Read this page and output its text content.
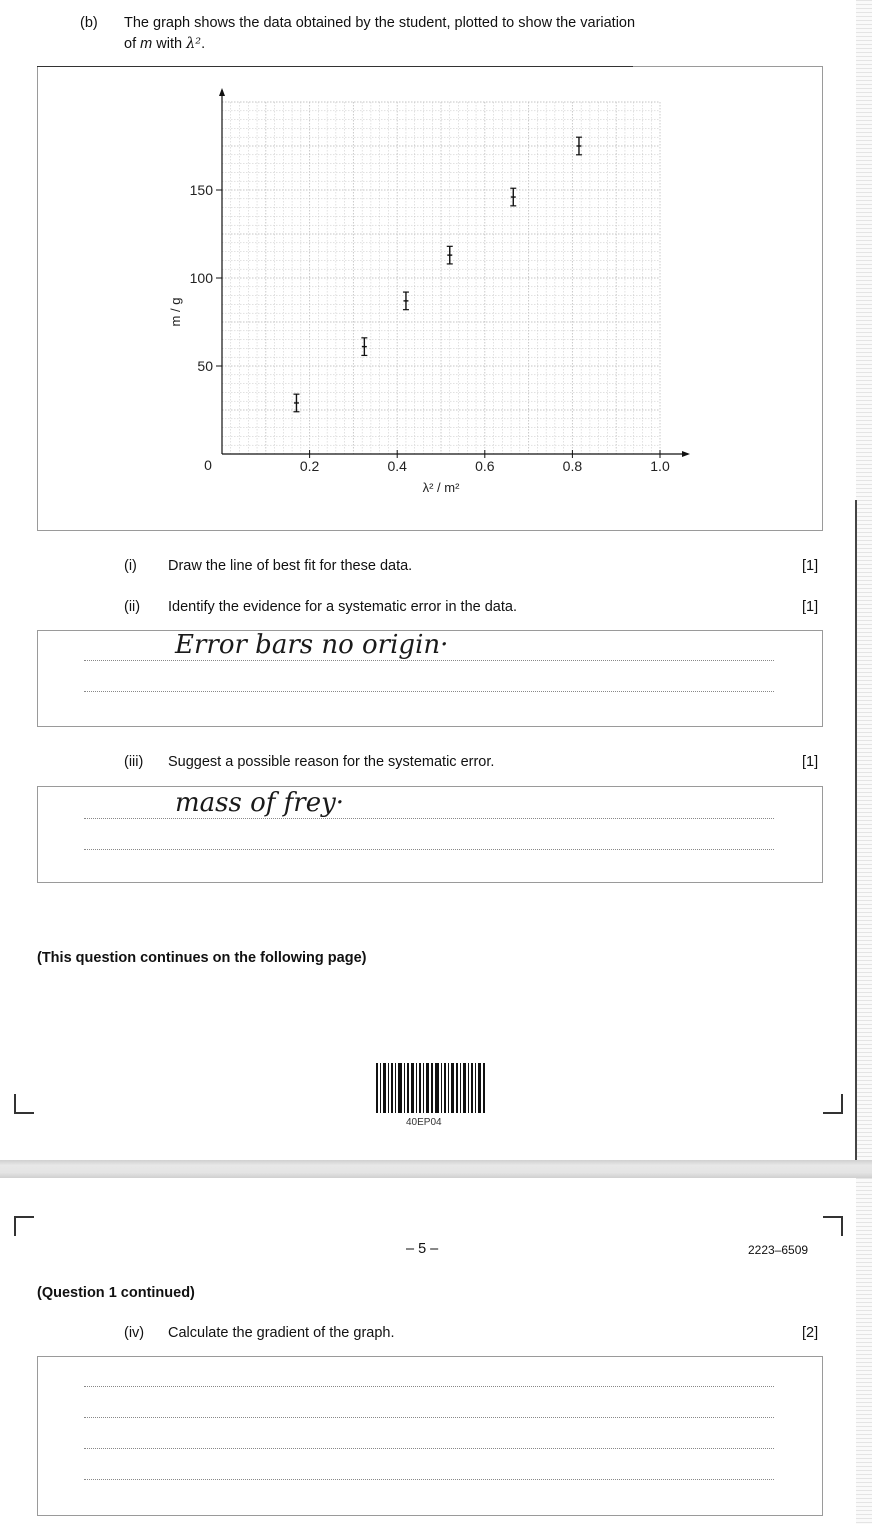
(b) The graph shows the data obtained by the student, plotted to show the variation
of m with λ².
0.2	0.4	0.6	0.8	1.0
50
100
150
0
λ² / m²
m / g
(i) Draw the line of best fit for these data.	[1]
(ii) Identify the evidence for a systematic error in the data.	[1]
Error bars no origin·
(iii) Suggest a possible reason for the systematic error.	[1]
mass of frey·
(This question continues on the following page)
40EP04
– 5 –	2223–6509
(Question 1 continued)
(iv) Calculate the gradient of the graph.	[2]
